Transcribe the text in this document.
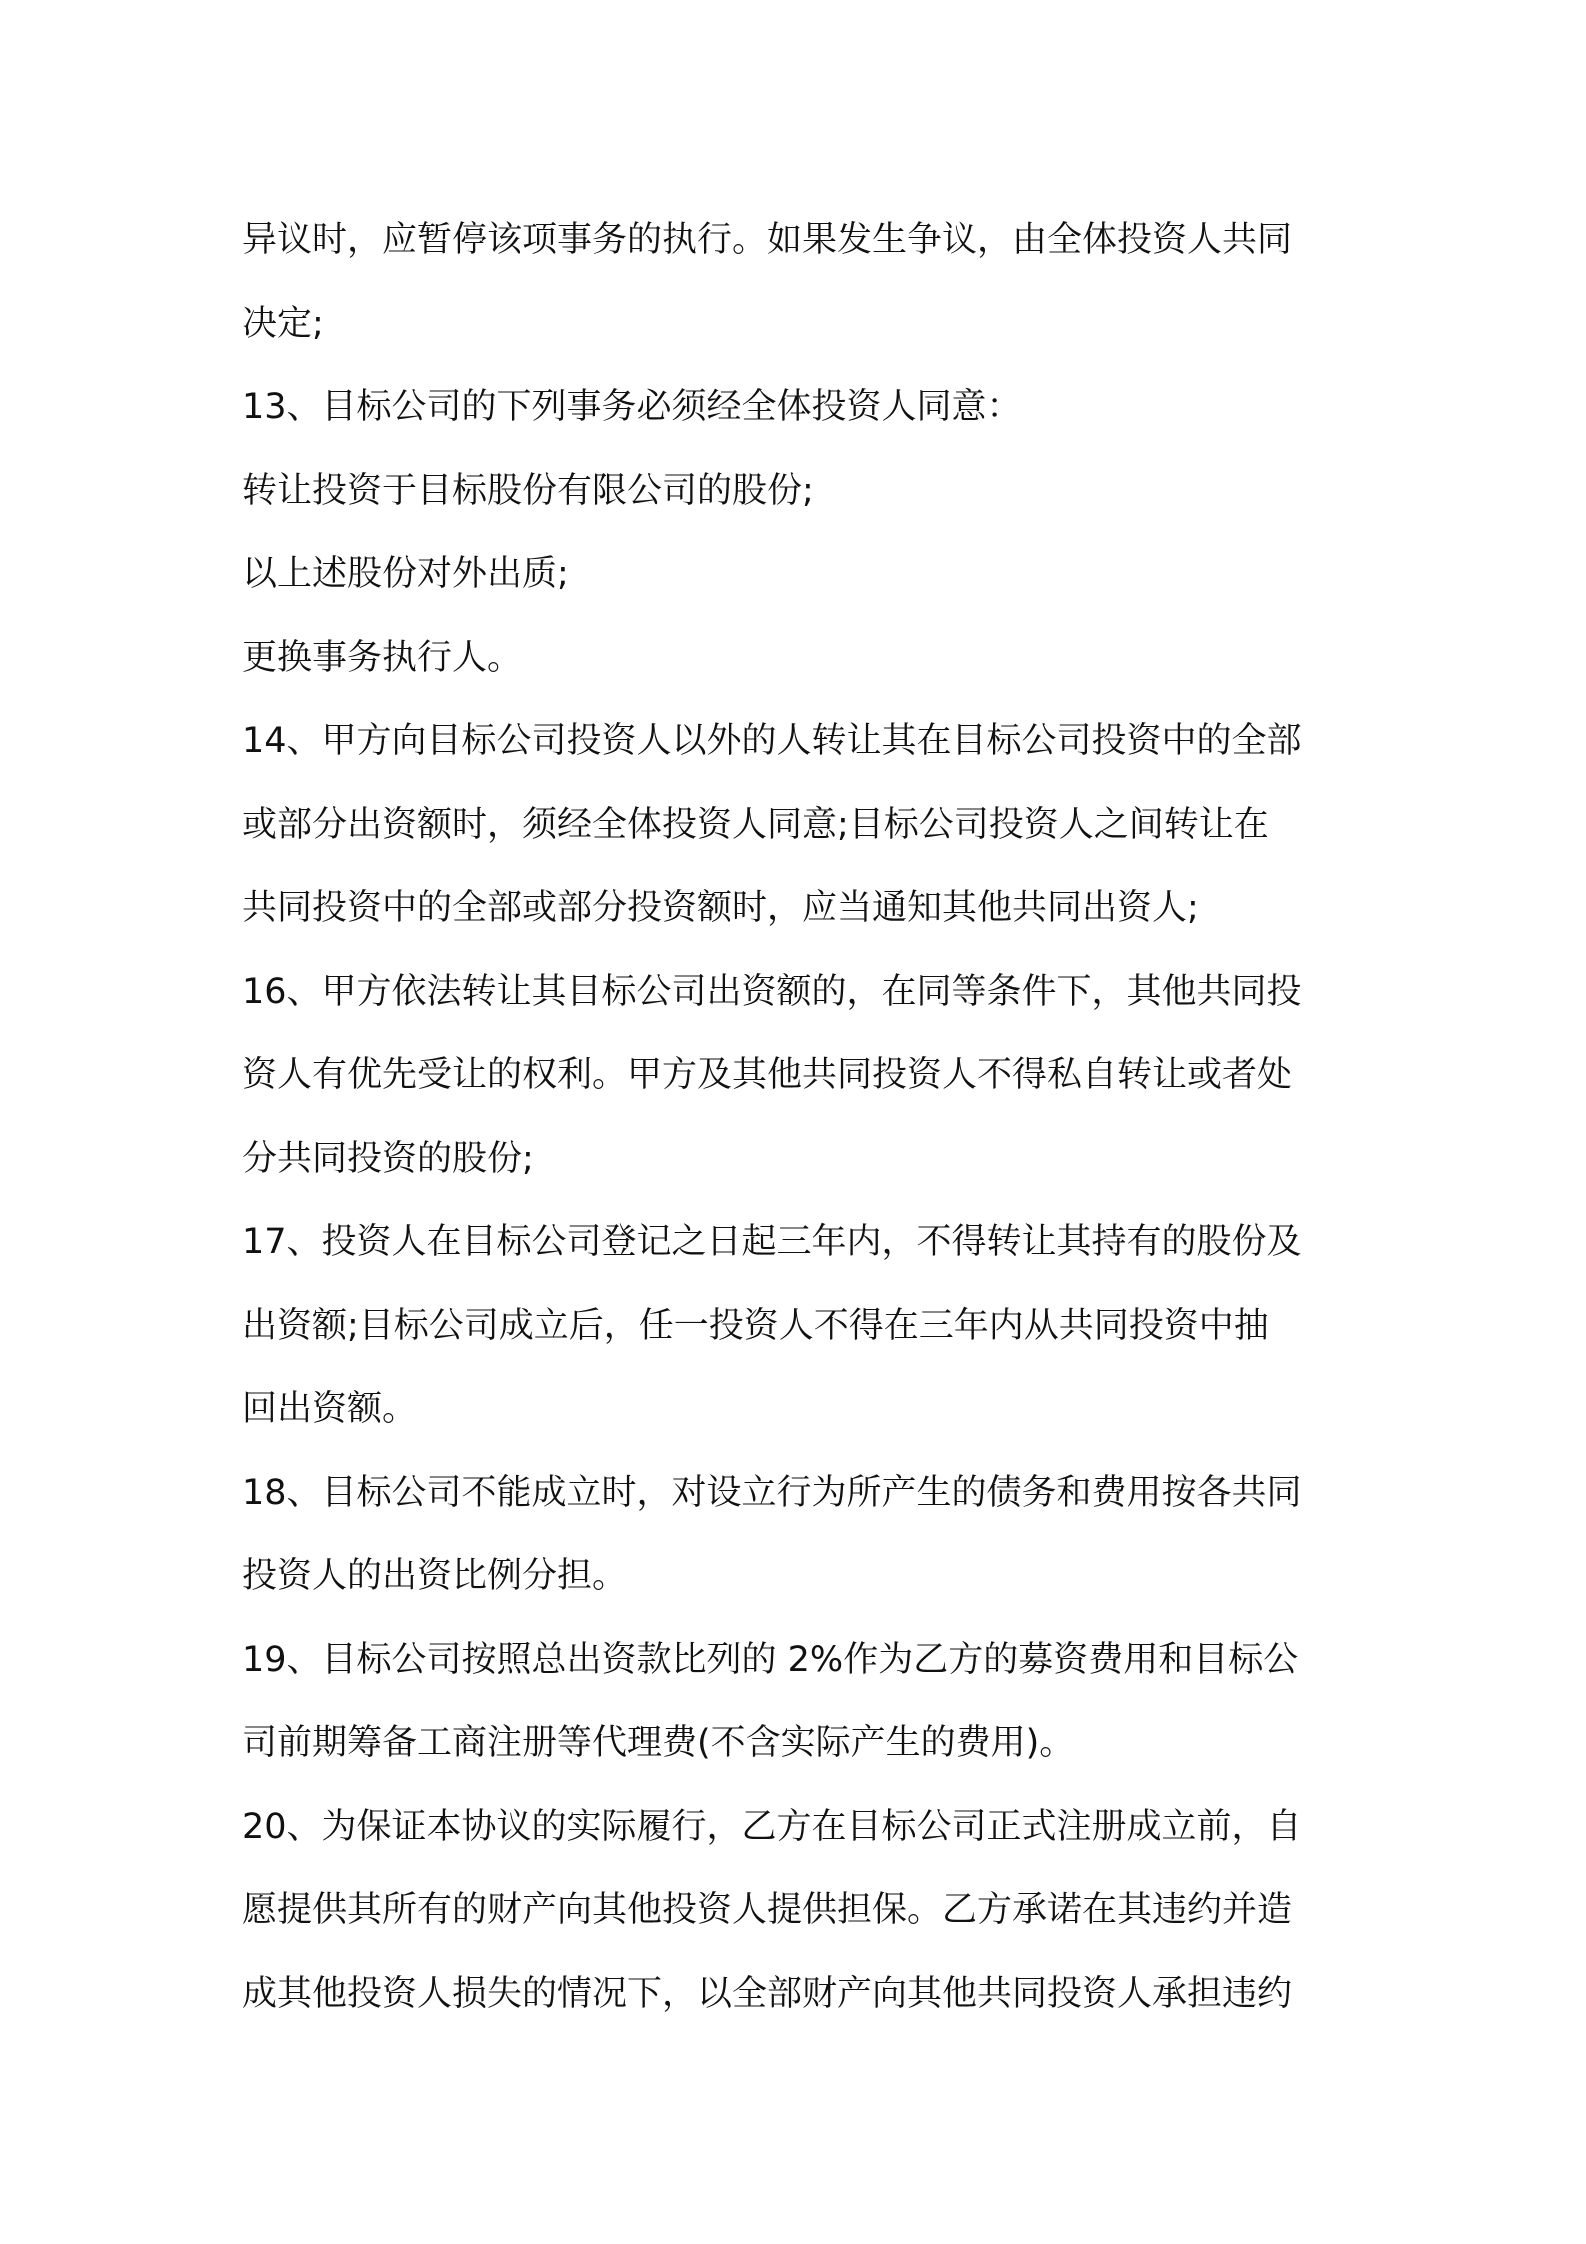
异议时，应暂停该项事务的执行。如果发生争议，由全体投资人共同
决定;
13、目标公司的下列事务必须经全体投资人同意：
转让投资于目标股份有限公司的股份;
以上述股份对外出质;
更换事务执行人。
14、甲方向目标公司投资人以外的人转让其在目标公司投资中的全部
或部分出资额时，须经全体投资人同意;目标公司投资人之间转让在
共同投资中的全部或部分投资额时，应当通知其他共同出资人;
16、甲方依法转让其目标公司出资额的，在同等条件下，其他共同投
资人有优先受让的权利。甲方及其他共同投资人不得私自转让或者处
分共同投资的股份;
17、投资人在目标公司登记之日起三年内，不得转让其持有的股份及
出资额;目标公司成立后，任一投资人不得在三年内从共同投资中抽
回出资额。
18、目标公司不能成立时，对设立行为所产生的债务和费用按各共同
投资人的出资比例分担。
19、目标公司按照总出资款比列的 2%作为乙方的募资费用和目标公
司前期筹备工商注册等代理费(不含实际产生的费用)。
20、为保证本协议的实际履行，乙方在目标公司正式注册成立前，自
愿提供其所有的财产向其他投资人提供担保。乙方承诺在其违约并造
成其他投资人损失的情况下，以全部财产向其他共同投资人承担违约
